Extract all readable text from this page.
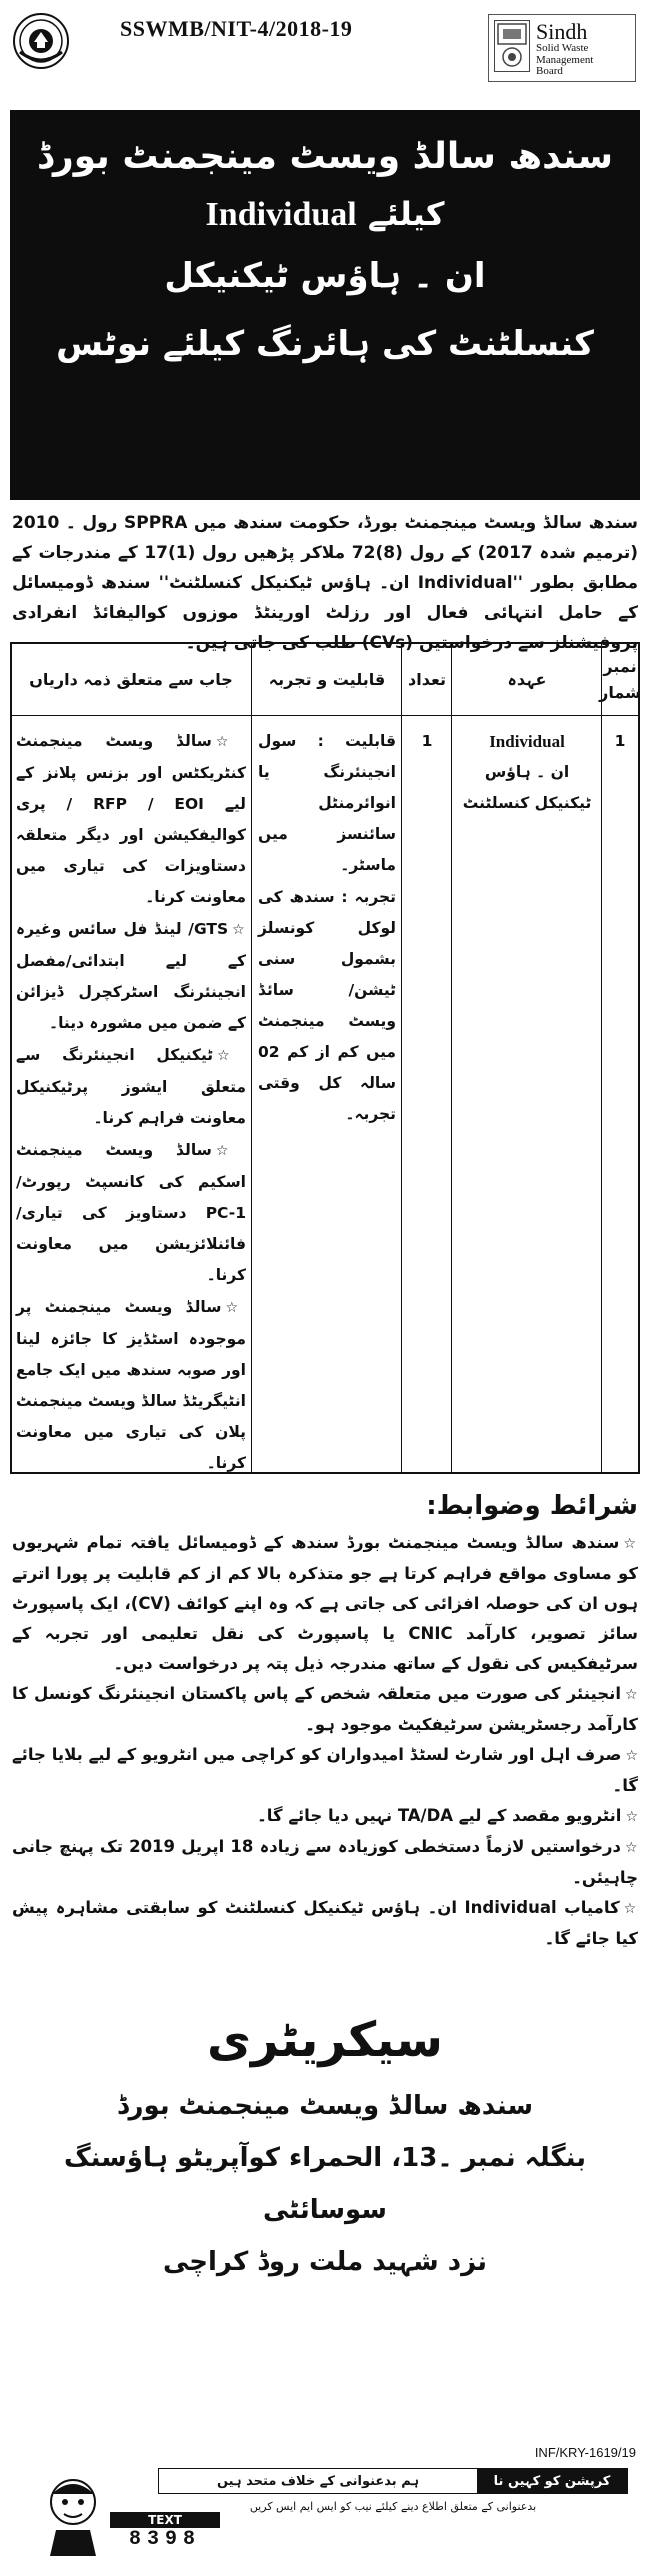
SSWMB/NIT-4/2018-19	Sindh
Solid Waste Management
Board
سندھ سالڈ ویسٹ مینجمنٹ بورڈ
Individual کیلئے
ان ۔ ہاؤس ٹیکنیکل
کنسلٹنٹ کی ہائرنگ کیلئے نوٹس
سندھ سالڈ ویسٹ مینجمنٹ بورڈ، حکومت سندھ میں SPPRA رول ۔ 2010 (ترمیم شدہ 2017) کے رول (8)72 ملاکر پڑھیں رول (1)17 کے مندرجات کے مطابق بطور ''Individual ان۔ ہاؤس ٹیکنیکل کنسلٹنٹ'' سندھ ڈومیسائل کے حامل انتہائی فعال اور رزلٹ اورینٹڈ موزوں کوالیفائڈ انفرادی پروفیشنلز سے درخواستیں (CVs) طلب کی جاتی ہیں۔
نمبر شمار
عہدہ
تعداد
قابلیت و تجربہ
جاب سے متعلق ذمہ داریاں
1
Individual
ان ۔ ہاؤس ٹیکنیکل کنسلٹنٹ
1

قابلیت : سول انجینئرنگ یا انوائرمنٹل سائنسز میں ماسٹر۔

تجربہ : سندھ کی لوکل کونسلز بشمول سنی ٹیشن/ سائڈ ویسٹ مینجمنٹ میں کم از کم 02 سالہ کل وقتی تجربہ۔

☆سالڈ ویسٹ مینجمنٹ کنٹریکٹس اور بزنس پلانز کے لیے RFP / EOI / پری کوالیفکیشن اور دیگر متعلقہ دستاویزات کی تیاری میں معاونت کرنا۔

☆GTS/ لینڈ فل سائس وغیرہ کے لیے ابتدائی/مفصل انجینئرنگ اسٹرکچرل ڈیزائن کے ضمن میں مشورہ دینا۔

☆ٹیکنیکل انجینئرنگ سے متعلق ایشوز پرٹیکنیکل معاونت فراہم کرنا۔

☆سالڈ ویسٹ مینجمنٹ اسکیم کی کانسپٹ رپورٹ/ PC-1 دستاویز کی تیاری/ فائنلائزیشن میں معاونت کرنا۔

☆سالڈ ویسٹ مینجمنٹ پر موجودہ اسٹڈیز کا جائزہ لینا اور صوبہ سندھ میں ایک جامع انٹیگریٹڈ سالڈ ویسٹ مینجمنٹ پلان کی تیاری میں معاونت کرنا۔

شرائط وضوابط:
☆سندھ سالڈ ویسٹ مینجمنٹ بورڈ سندھ کے ڈومیسائل یافتہ تمام شہریوں کو مساوی مواقع فراہم کرتا ہے جو متذکرہ بالا کم از کم قابلیت پر پورا اترتے ہوں ان کی حوصلہ افزائی کی جاتی ہے کہ وہ اپنے کوائف (CV)، ایک پاسپورٹ سائز تصویر، کارآمد CNIC یا پاسپورٹ کی نقل تعلیمی اور تجربہ کے سرٹیفکیس کی نقول کے ساتھ مندرجہ ذیل پتہ پر درخواست دیں۔
☆انجینئر کی صورت میں متعلقہ شخص کے پاس پاکستان انجینئرنگ کونسل کا کارآمد رجسٹریشن سرٹیفکیٹ موجود ہو۔
☆صرف اہل اور شارٹ لسٹڈ امیدواران کو کراچی میں انٹرویو کے لیے بلایا جائے گا۔
☆انٹرویو مقصد کے لیے TA/DA نہیں دیا جائے گا۔
☆درخواستیں لازماً دستخطی کوزیادہ سے زیادہ 18 اپریل 2019 تک پہنچ جانی چاہیئں۔
☆کامیاب Individual ان۔ ہاؤس ٹیکنیکل کنسلٹنٹ کو سابقتی مشاہرہ پیش کیا جائے گا۔
سیکریٹری
سندھ سالڈ ویسٹ مینجمنٹ بورڈ
بنگلہ نمبر ۔13، الحمراء کوآپریٹو ہاؤسنگ سوسائٹی
نزد شہید ملت روڈ کراچی
INF/KRY-1619/19
کرپشن کو کہیں نا
ہم بدعنوانی کے خلاف متحد ہیں
بدعنوانی کے متعلق اطلاع دینے کیلئے نیب کو ایس ایم ایس کریں
TEXT
8398
